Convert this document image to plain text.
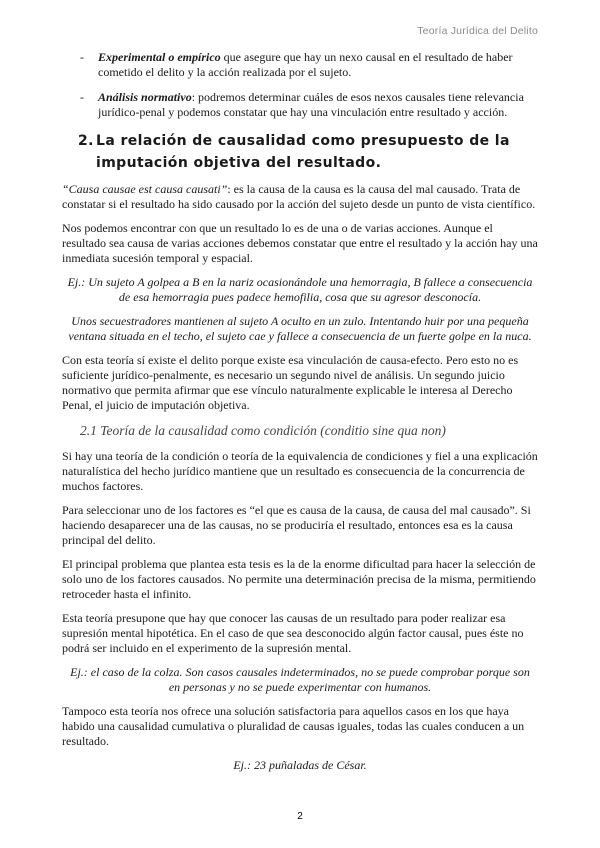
Teoría Jurídica del Delito
- Experimental o empírico que asegure que hay un nexo causal en el resultado de haber cometido el delito y la acción realizada por el sujeto.
- Análisis normativo: podremos determinar cuáles de esos nexos causales tiene relevancia jurídico-penal y podemos constatar que hay una vinculación entre resultado y acción.
2. La relación de causalidad como presupuesto de la imputación objetiva del resultado.

“Causa causae est causa causati”: es la causa de la causa es la causa del mal causado. Trata de constatar si el resultado ha sido causado por la acción del sujeto desde un punto de vista científico.

Nos podemos encontrar con que un resultado lo es de una o de varias acciones. Aunque el resultado sea causa de varias acciones debemos constatar que entre el resultado y la acción hay una inmediata sucesión temporal y espacial.

Ej.: Un sujeto A golpea a B en la nariz ocasionándole una hemorragia, B fallece a consecuencia de esa hemorragia pues padece hemofilia, cosa que su agresor desconocía.

Unos secuestradores mantienen al sujeto A oculto en un zulo. Intentando huir por una pequeña ventana situada en el techo, el sujeto cae y fallece a consecuencia de un fuerte golpe en la nuca.

Con esta teoría sí existe el delito porque existe esa vinculación de causa-efecto. Pero esto no es suficiente jurídico-penalmente, es necesario un segundo nivel de análisis. Un segundo juicio normativo que permita afirmar que ese vínculo naturalmente explicable le interesa al Derecho Penal, el juicio de imputación objetiva.

2.1 Teoría de la causalidad como condición (conditio sine qua non)

Si hay una teoría de la condición o teoría de la equivalencia de condiciones y fiel a una explicación naturalística del hecho jurídico mantiene que un resultado es consecuencia de la concurrencia de muchos factores.

Para seleccionar uno de los factores es “el que es causa de la causa, de causa del mal causado”. Si haciendo desaparecer una de las causas, no se produciría el resultado, entonces esa es la causa principal del delito.

El principal problema que plantea esta tesis es la de la enorme dificultad para hacer la selección de solo uno de los factores causados. No permite una determinación precisa de la misma, permitiendo retroceder hasta el infinito.

Esta teoría presupone que hay que conocer las causas de un resultado para poder realizar esa supresión mental hipotética. En el caso de que sea desconocido algún factor causal, pues éste no podrá ser incluido en el experimento de la supresión mental.

Ej.: el caso de la colza. Son casos causales indeterminados, no se puede comprobar porque son en personas y no se puede experimentar con humanos.

Tampoco esta teoría nos ofrece una solución satisfactoria para aquellos casos en los que haya habido una causalidad cumulativa o pluralidad de causas iguales, todas las cuales conducen a un resultado.

Ej.: 23 puñaladas de César.

2
